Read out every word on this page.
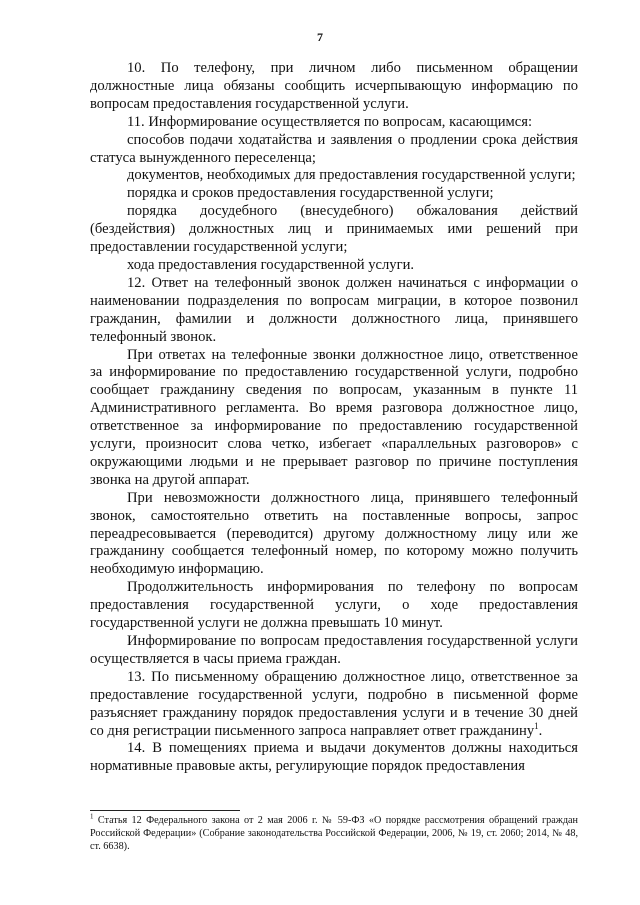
7

10. По телефону, при личном либо письменном обращении должностные лица обязаны сообщить исчерпывающую информацию по вопросам предоставления государственной услуги.

11. Информирование осуществляется по вопросам, касающимся:

способов подачи ходатайства и заявления о продлении срока действия статуса вынужденного переселенца;

документов, необходимых для предоставления государственной услуги;

порядка и сроков предоставления государственной услуги;

порядка досудебного (внесудебного) обжалования действий (бездействия) должностных лиц и принимаемых ими решений при предоставлении государственной услуги;

хода предоставления государственной услуги.

12. Ответ на телефонный звонок должен начинаться с информации о наименовании подразделения по вопросам миграции, в которое позвонил гражданин, фамилии и должности должностного лица, принявшего телефонный звонок.

При ответах на телефонные звонки должностное лицо, ответственное за информирование по предоставлению государственной услуги, подробно сообщает гражданину сведения по вопросам, указанным в пункте 11 Административного регламента. Во время разговора должностное лицо, ответственное за информирование по предоставлению государственной услуги, произносит слова четко, избегает «параллельных разговоров» с окружающими людьми и не прерывает разговор по причине поступления звонка на другой аппарат.

При невозможности должностного лица, принявшего телефонный звонок, самостоятельно ответить на поставленные вопросы, запрос переадресовывается (переводится) другому должностному лицу или же гражданину сообщается телефонный номер, по которому можно получить необходимую информацию.

Продолжительность информирования по телефону по вопросам предоставления государственной услуги, о ходе предоставления государственной услуги не должна превышать 10 минут.

Информирование по вопросам предоставления государственной услуги осуществляется в часы приема граждан.

13. По письменному обращению должностное лицо, ответственное за предоставление государственной услуги, подробно в письменной форме разъясняет гражданину порядок предоставления услуги и в течение 30 дней со дня регистрации письменного запроса направляет ответ гражданину$^1$.

14. В помещениях приема и выдачи документов должны находиться нормативные правовые акты, регулирующие порядок предоставления

$^1$ Статья 12 Федерального закона от 2 мая 2006 г. № 59-ФЗ «О порядке рассмотрения обращений граждан Российской Федерации» (Собрание законодательства Российской Федерации, 2006, № 19, ст. 2060; 2014, № 48, ст. 6638).
